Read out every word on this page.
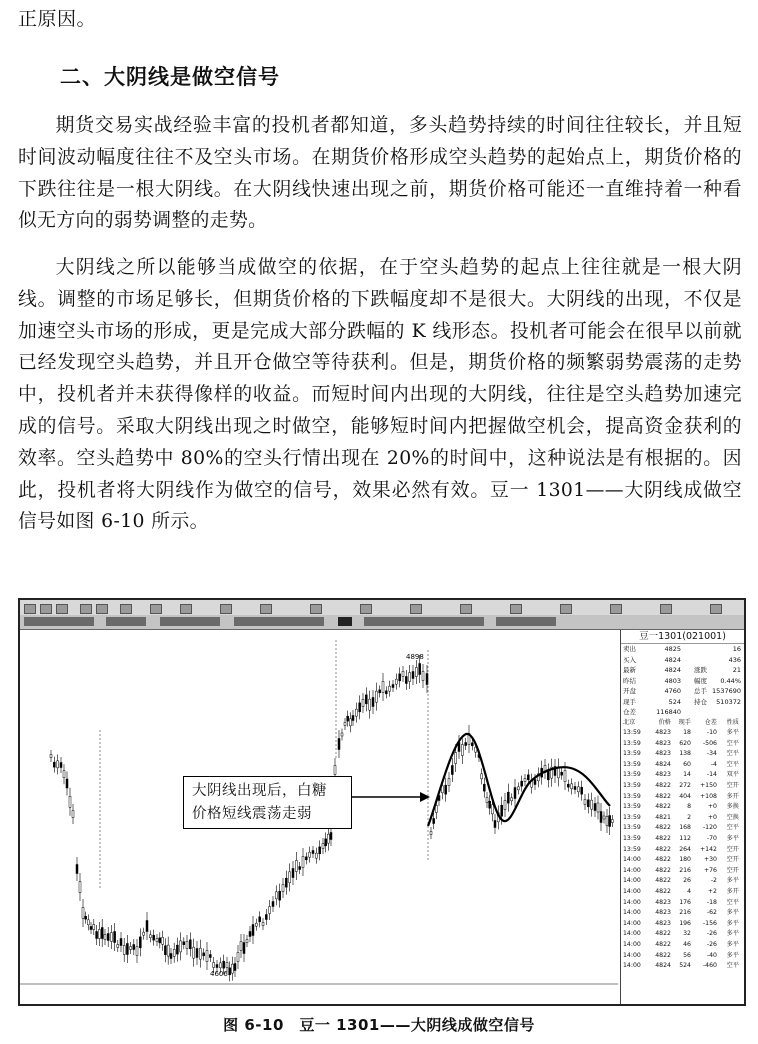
正原因。
二、大阴线是做空信号
期货交易实战经验丰富的投机者都知道，多头趋势持续的时间往往较长，并且短时间波动幅度往往不及空头市场。在期货价格形成空头趋势的起始点上，期货价格的下跌往往是一根大阴线。在大阴线快速出现之前，期货价格可能还一直维持着一种看似无方向的弱势调整的走势。
大阴线之所以能够当成做空的依据，在于空头趋势的起点上往往就是一根大阴线。调整的市场足够长，但期货价格的下跌幅度却不是很大。大阴线的出现，不仅是加速空头市场的形成，更是完成大部分跌幅的 K 线形态。投机者可能会在很早以前就已经发现空头趋势，并且开仓做空等待获利。但是，期货价格的频繁弱势震荡的走势中，投机者并未获得像样的收益。而短时间内出现的大阴线，往往是空头趋势加速完成的信号。采取大阴线出现之时做空，能够短时间内把握做空机会，提高资金获利的效率。空头趋势中 80%的空头行情出现在 20%的时间中，这种说法是有根据的。因此，投机者将大阴线作为做空的信号，效果必然有效。豆一 1301——大阴线成做空信号如图 6-10 所示。
4898
4606
大阴线出现后，白糖
价格短线震荡走弱
豆一1301(021001)
卖出	4825	16
买入	4824	436
最新	4824	涨跌	21
昨结	4803	幅度	0.44%
开盘	4760	总手 1537690
现手	524	持仓	510372
仓差	116840
北京	价格	现手	仓差	性质
13:59	4823	18	-10	多平
13:59	4823	620	-506	空平
13:59	4823	138	-34	空平
13:59	4824	60	-4	空平
13:59	4823	14	-14	双平
13:59	4822	272	+150	空开
13:59	4822	404	+108	多开
13:59	4822	8	+0	多换
13:59	4821	2	+0	空换
13:59	4822	168	-120	空平
13:59	4822	112	-70	多平
13:59	4822	264	+142	空开
14:00	4822	180	+30	空开
14:00	4822	216	+76	空开
14:00	4822	26	-2	多平
14:00	4822	4	+2	多开
14:00	4823	176	-18	空平
14:00	4823	216	-62	多平
14:00	4823	196	-156	多平
14:00	4822	32	-26	多平
14:00	4822	46	-26	多平
14:00	4822	56	-40	多平
14:00	4824	524	-460	空平
图 6-10　豆一 1301——大阴线成做空信号
